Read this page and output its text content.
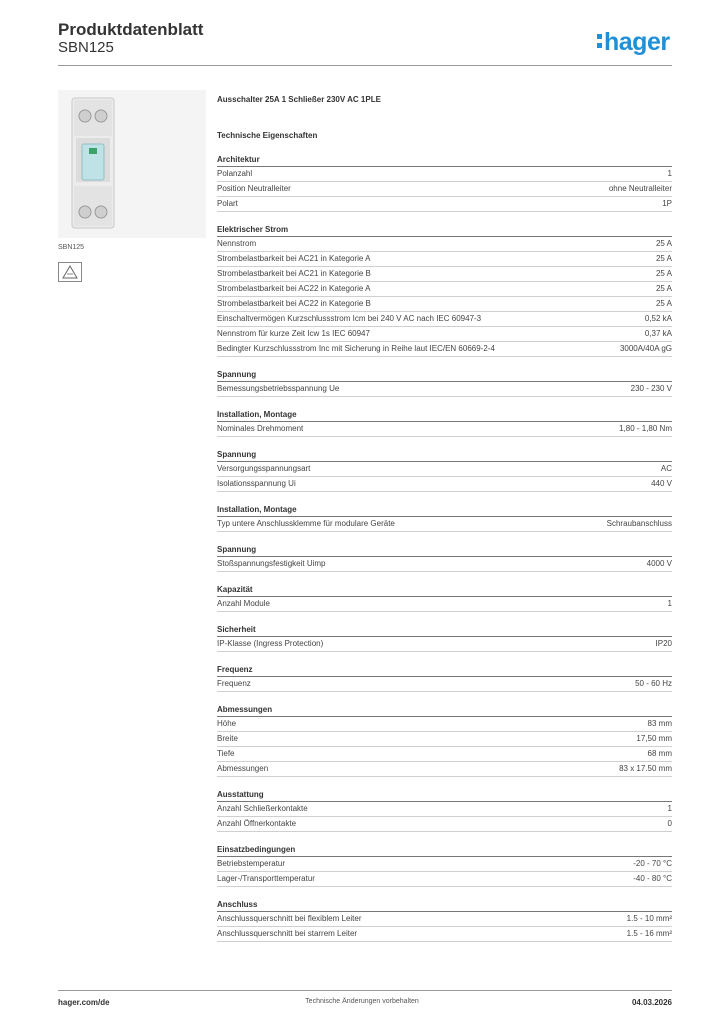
Produktdatenblatt
SBN125	hager
SBN125
Ausschalter 25A 1 Schließer 230V AC 1PLE
Technische Eigenschaften
Architektur
Polanzahl	1
Position Neutralleiter	ohne Neutralleiter
Polart	1P
Elektrischer Strom
Nennstrom	25 A
Strombelastbarkeit bei AC21 in Kategorie A	25 A
Strombelastbarkeit bei AC21 in Kategorie B	25 A
Strombelastbarkeit bei AC22 in Kategorie A	25 A
Strombelastbarkeit bei AC22 in Kategorie B	25 A
Einschaltvermögen Kurzschlussstrom Icm bei 240 V AC nach IEC 60947-3	0,52 kA
Nennstrom für kurze Zeit Icw 1s IEC 60947	0,37 kA
Bedingter Kurzschlussstrom Inc mit Sicherung in Reihe laut IEC/EN 60669-2-4	3000A/40A gG
Spannung
Bemessungsbetriebsspannung Ue	230 - 230 V
Installation, Montage
Nominales Drehmoment	1,80 - 1,80 Nm
Spannung
Versorgungsspannungsart	AC
Isolationsspannung Ui	440 V
Installation, Montage
Typ untere Anschlussklemme für modulare Geräte	Schraubanschluss
Spannung
Stoßspannungsfestigkeit Uimp	4000 V
Kapazität
Anzahl Module	1
Sicherheit
IP-Klasse (Ingress Protection)	IP20
Frequenz
Frequenz	50 - 60 Hz
Abmessungen
Höhe	83 mm
Breite	17,50 mm
Tiefe	68 mm
Abmessungen	83 x 17.50 mm
Ausstattung
Anzahl Schließerkontakte	1
Anzahl Öffnerkontakte	0
Einsatzbedingungen
Betriebstemperatur	-20 - 70 °C
Lager-/Transporttemperatur	-40 - 80 °C
Anschluss
Anschlussquerschnitt bei flexiblem Leiter	1.5 - 10 mm²
Anschlussquerschnitt bei starrem Leiter	1.5 - 16 mm²
hager.com/de	Technische Änderungen vorbehalten	04.03.2026
